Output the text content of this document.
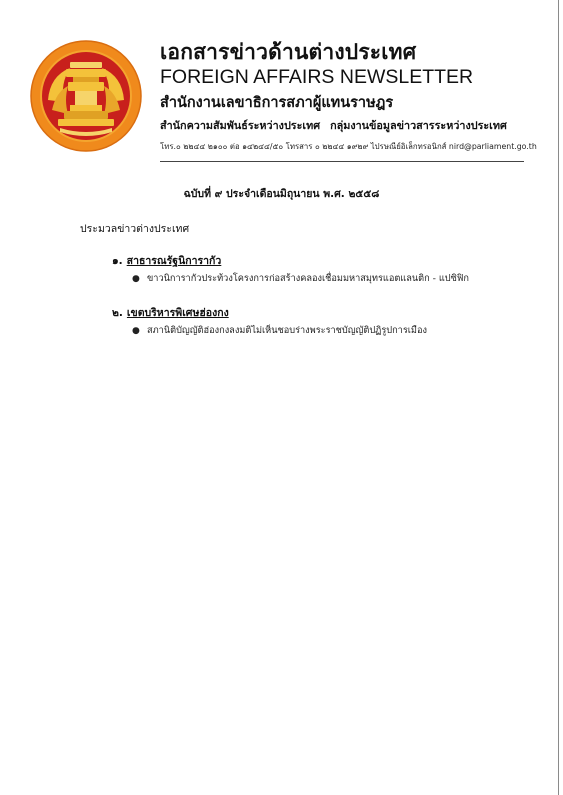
เอกสารข่าวด้านต่างประเทศ
FOREIGN AFFAIRS NEWSLETTER
สำนักงานเลขาธิการสภาผู้แทนราษฎร
สำนักความสัมพันธ์ระหว่างประเทศ กลุ่มงานข้อมูลข่าวสารระหว่างประเทศ
โทร.๐ ๒๒๔๔ ๒๑๐๐ ต่อ ๑๔๒๔๔/๕๐ โทรสาร ๐ ๒๒๔๔ ๑๙๒๙ ไปรษณีย์อิเล็กทรอนิกส์ nird@parliament.go.th
ฉบับที่ ๙ ประจำเดือนมิถุนายน พ.ศ. ๒๕๕๘
ประมวลข่าวต่างประเทศ
๑. สาธารณรัฐนิการากัว
● ขาวนิการากัวประท้วงโครงการก่อสร้างคลองเชื่อมมหาสมุทรแอตแลนติก - แปซิฟิก
๒. เขตบริหารพิเศษฮ่องกง
● สภานิติบัญญัติฮ่องกงลงมติไม่เห็นชอบร่างพระราชบัญญัติปฏิรูปการเมือง
